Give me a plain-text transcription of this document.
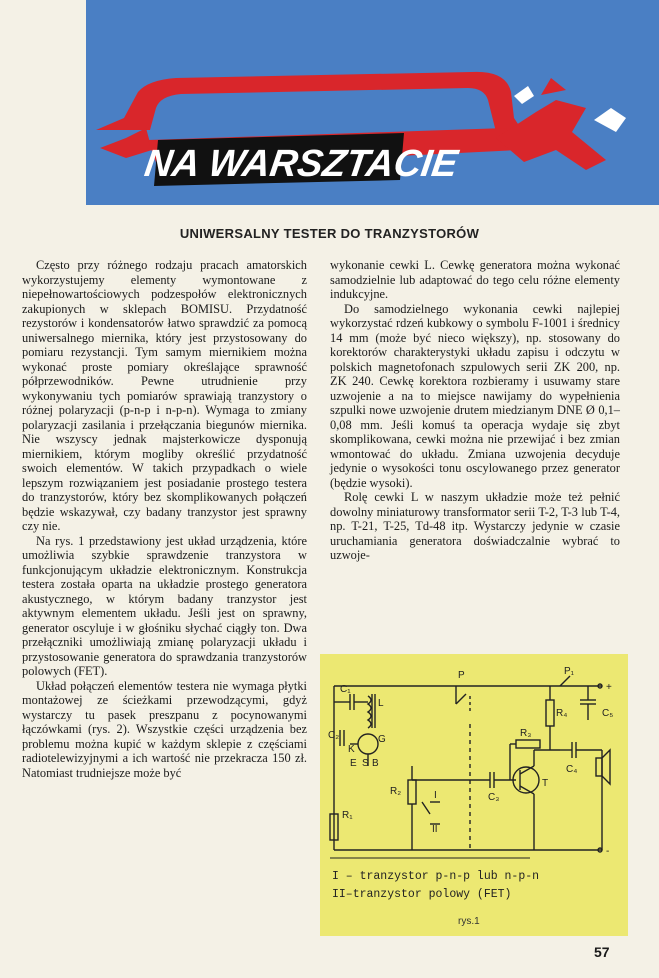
NA WARSZTACIE
UNIWERSALNY TESTER DO TRANZYSTORÓW

Często przy różnego rodzaju pracach amatorskich wykorzystujemy elementy wymontowane z niepełnowartościowych podzespołów elektronicznych zakupionych w sklepach BOMISU. Przydatność rezystorów i kondensatorów łatwo sprawdzić za pomocą uniwersalnego miernika, który jest przystosowany do pomiaru rezystancji. Tym samym miernikiem można wykonać proste pomiary określające sprawność półprzewodników. Pewne utrudnienie przy wykonywaniu tych pomiarów sprawiają tranzystory o różnej polaryzacji (p-n-p i n-p-n). Wymaga to zmiany polaryzacji zasilania i przełączania biegunów miernika. Nie wszyscy jednak majsterkowicze dysponują miernikiem, którym mogliby określić przydatność swoich elementów. W takich przypadkach o wiele lepszym rozwiązaniem jest posiadanie prostego testera do tranzystorów, który bez skomplikowanych połączeń będzie wskazywał, czy badany tranzystor jest sprawny czy nie.

Na rys. 1 przedstawiony jest układ urządzenia, które umożliwia szybkie sprawdzenie tranzystora w funkcjonującym układzie elektronicznym. Konstrukcja testera została oparta na układzie prostego generatora akustycznego, w którym badany tranzystor jest aktywnym elementem układu. Jeśli jest on sprawny, generator oscyluje i w głośniku słychać ciągły ton. Dwa przełączniki umożliwiają zmianę polaryzacji układu i przystosowanie generatora do sprawdzania tranzystorów polowych (FET).

Układ połączeń elementów testera nie wymaga płytki montażowej ze ścieżkami przewodzącymi, gdyż wystarczy tu pasek preszpanu z pocynowanymi łączówkami (rys. 2). Wszystkie części urządzenia bez problemu można kupić w każdym sklepie z częściami radiotelewizyjnymi a ich wartość nie przekracza 150 zł. Natomiast trudniejsze może być

wykonanie cewki L. Cewkę generatora można wykonać samodzielnie lub adaptować do tego celu różne elementy indukcyjne.

Do samodzielnego wykonania cewki najlepiej wykorzystać rdzeń kubkowy o symbolu F-1001 i średnicy 14 mm (może być nieco większy), np. stosowany do korektorów charakterystyki układu zapisu i odczytu w polskich magnetofonach szpulowych serii ZK 200, np. ZK 240. Cewkę korektora rozbieramy i usuwamy stare uzwojenie a na to miejsce nawijamy do wypełnienia szpulki nowe uzwojenie drutem miedzianym DNE Ø 0,1–0,08 mm. Jeśli komuś ta operacja wydaje się zbyt skomplikowana, cewki można nie przewijać i bez zmian wmontować do układu. Zmiana uzwojenia decyduje jedynie o wysokości tonu oscylowanego przez generator (będzie wysoki).

Rolę cewki L w naszym układzie może też pełnić dowolny miniaturowy transformator serii T-2, T-3 lub T-4, np. T-21, T-25, Td-48 itp. Wystarczy jedynie w czasie uruchamiania generatora doświadczalnie wybrać to uzwoje-

P	P₁
+
-
C₁
L
C₂
K
G
E S B
R₁
R₂	I
II
C₃
T
R₃
R₄
C₄
C₅
I – tranzystor p-n-p lub n-p-n
II–tranzystor polowy (FET)
rys.1
57
